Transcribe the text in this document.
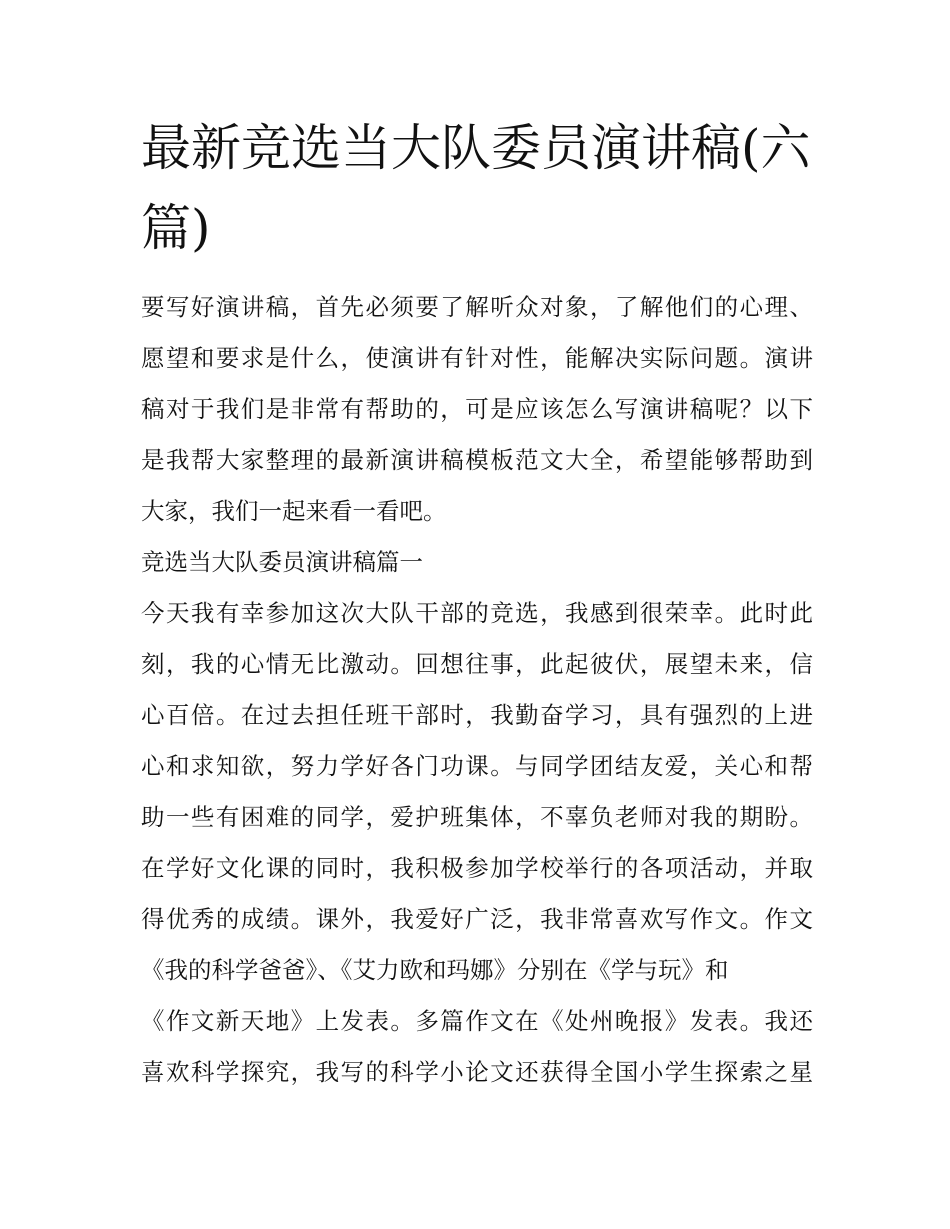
最新竞选当大队委员演讲稿(六
篇)

要写好演讲稿，首先必须要了解听众对象，了解他们的心理、

愿望和要求是什么，使演讲有针对性，能解决实际问题。演讲

稿对于我们是非常有帮助的，可是应该怎么写演讲稿呢？以下

是我帮大家整理的最新演讲稿模板范文大全，希望能够帮助到

大家，我们一起来看一看吧。

竞选当大队委员演讲稿篇一

今天我有幸参加这次大队干部的竞选，我感到很荣幸。此时此

刻，我的心情无比激动。回想往事，此起彼伏，展望未来，信

心百倍。在过去担任班干部时，我勤奋学习，具有强烈的上进

心和求知欲，努力学好各门功课。与同学团结友爱，关心和帮

助一些有困难的同学，爱护班集体，不辜负老师对我的期盼。

在学好文化课的同时，我积极参加学校举行的各项活动，并取

得优秀的成绩。课外，我爱好广泛，我非常喜欢写作文。作文

《我的科学爸爸》、《艾力欧和玛娜》分别在《学与玩》和

《作文新天地》上发表。多篇作文在《处州晚报》发表。我还

喜欢科学探究，我写的科学小论文还获得全国小学生探索之星
